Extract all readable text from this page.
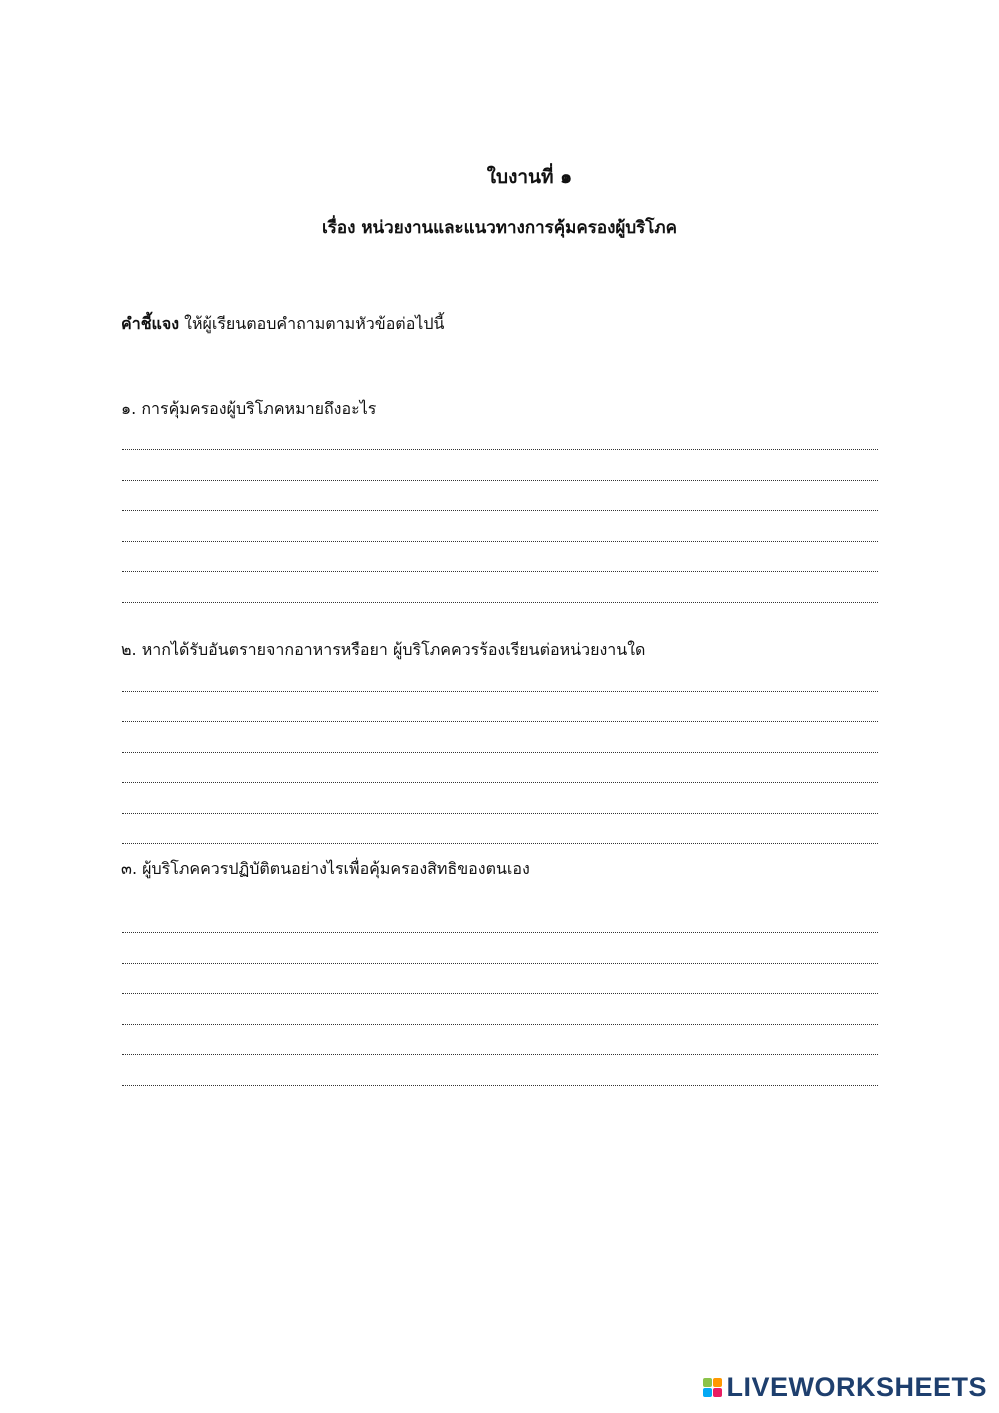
ใบงานที่ ๑
เรื่อง หน่วยงานและแนวทางการคุ้มครองผู้บริโภค
คำชี้แจง ให้ผู้เรียนตอบคำถามตามหัวข้อต่อไปนี้
๑. การคุ้มครองผู้บริโภคหมายถึงอะไร
๒. หากได้รับอันตรายจากอาหารหรือยา ผู้บริโภคควรร้องเรียนต่อหน่วยงานใด
๓. ผู้บริโภคควรปฏิบัติตนอย่างไรเพื่อคุ้มครองสิทธิของตนเอง
LIVEWORKSHEETS
